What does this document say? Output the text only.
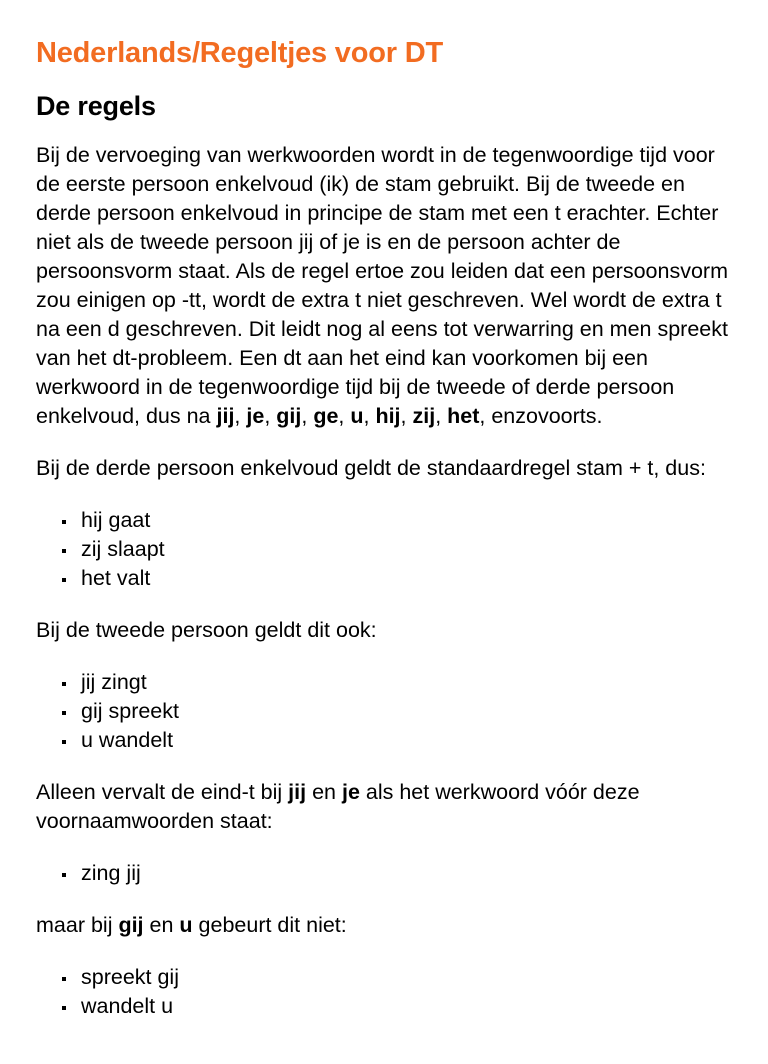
Nederlands/Regeltjes voor DT
De regels

Bij de vervoeging van werkwoorden wordt in de tegenwoordige tijd voor de eerste persoon enkelvoud (ik) de stam gebruikt. Bij de tweede en derde persoon enkelvoud in principe de stam met een t erachter. Echter niet als de tweede persoon jij of je is en de persoon achter de persoonsvorm staat. Als de regel ertoe zou leiden dat een persoonsvorm zou einigen op -tt, wordt de extra t niet geschreven. Wel wordt de extra t na een d geschreven. Dit leidt nog al eens tot verwarring en men spreekt van het dt-probleem. Een dt aan het eind kan voorkomen bij een werkwoord in de tegenwoordige tijd bij de tweede of derde persoon enkelvoud, dus na jij, je, gij, ge, u, hij, zij, het, enzovoorts.

Bij de derde persoon enkelvoud geldt de standaardregel stam + t, dus:

hij gaat
zij slaapt
het valt

Bij de tweede persoon geldt dit ook:

jij zingt
gij spreekt
u wandelt

Alleen vervalt de eind-t bij jij en je als het werkwoord vóór deze voornaamwoorden staat:

zing jij

maar bij gij en u gebeurt dit niet:

spreekt gij
wandelt u
